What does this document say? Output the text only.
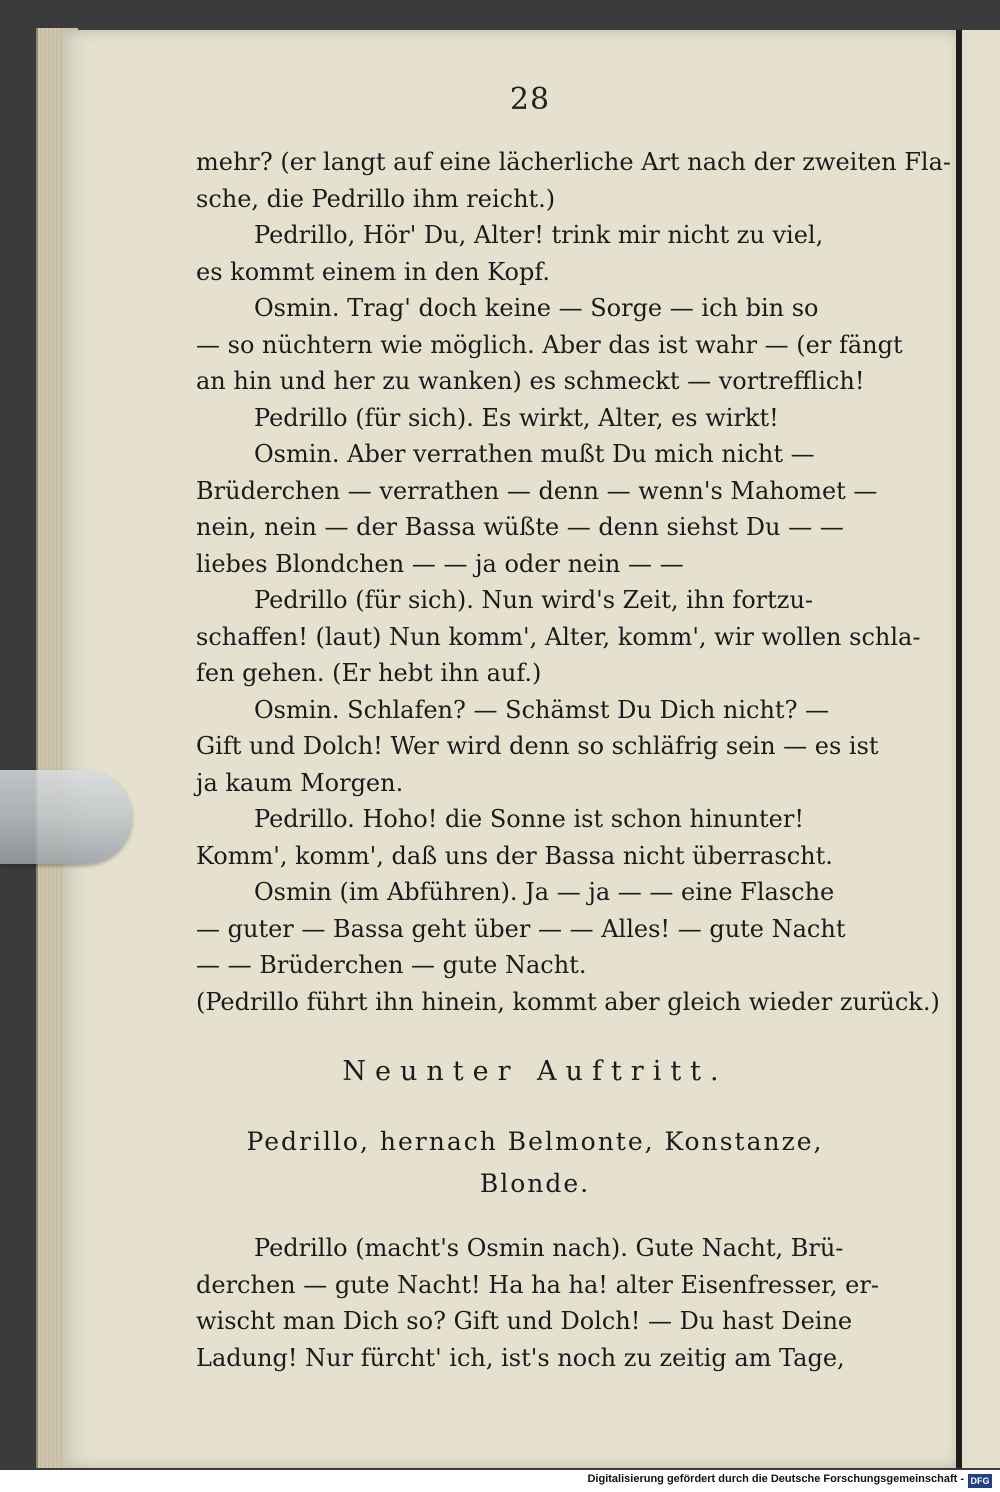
28
mehr? (er langt auf eine lächerliche Art nach der zweiten Fla-
sche, die Pedrillo ihm reicht.)
Pedrillo, Hör' Du, Alter! trink mir nicht zu viel,
es kommt einem in den Kopf.
Osmin. Trag' doch keine — Sorge — ich bin so
— so nüchtern wie möglich. Aber das ist wahr — (er fängt
an hin und her zu wanken) es schmeckt — vortrefflich!
Pedrillo (für sich). Es wirkt, Alter, es wirkt!
Osmin. Aber verrathen mußt Du mich nicht —
Brüderchen — verrathen — denn — wenn's Mahomet —
nein, nein — der Bassa wüßte — denn siehst Du — —
liebes Blondchen — — ja oder nein — —
Pedrillo (für sich). Nun wird's Zeit, ihn fortzu-
schaffen! (laut) Nun komm', Alter, komm', wir wollen schla-
fen gehen. (Er hebt ihn auf.)
Osmin. Schlafen? — Schämst Du Dich nicht? —
Gift und Dolch! Wer wird denn so schläfrig sein — es ist
ja kaum Morgen.
Pedrillo. Hoho! die Sonne ist schon hinunter!
Komm', komm', daß uns der Bassa nicht überrascht.
Osmin (im Abführen). Ja — ja — — eine Flasche
— guter — Bassa geht über — — Alles! — gute Nacht
— — Brüderchen — gute Nacht.
(Pedrillo führt ihn hinein, kommt aber gleich wieder zurück.)
Neunter Auftritt.
Pedrillo, hernach Belmonte, Konstanze,
Blonde.
Pedrillo (macht's Osmin nach). Gute Nacht, Brü-
derchen — gute Nacht! Ha ha ha! alter Eisenfresser, er-
wischt man Dich so? Gift und Dolch! — Du hast Deine
Ladung! Nur fürcht' ich, ist's noch zu zeitig am Tage,
Digitalisierung gefördert durch die Deutsche Forschungsgemeinschaft - DFG
